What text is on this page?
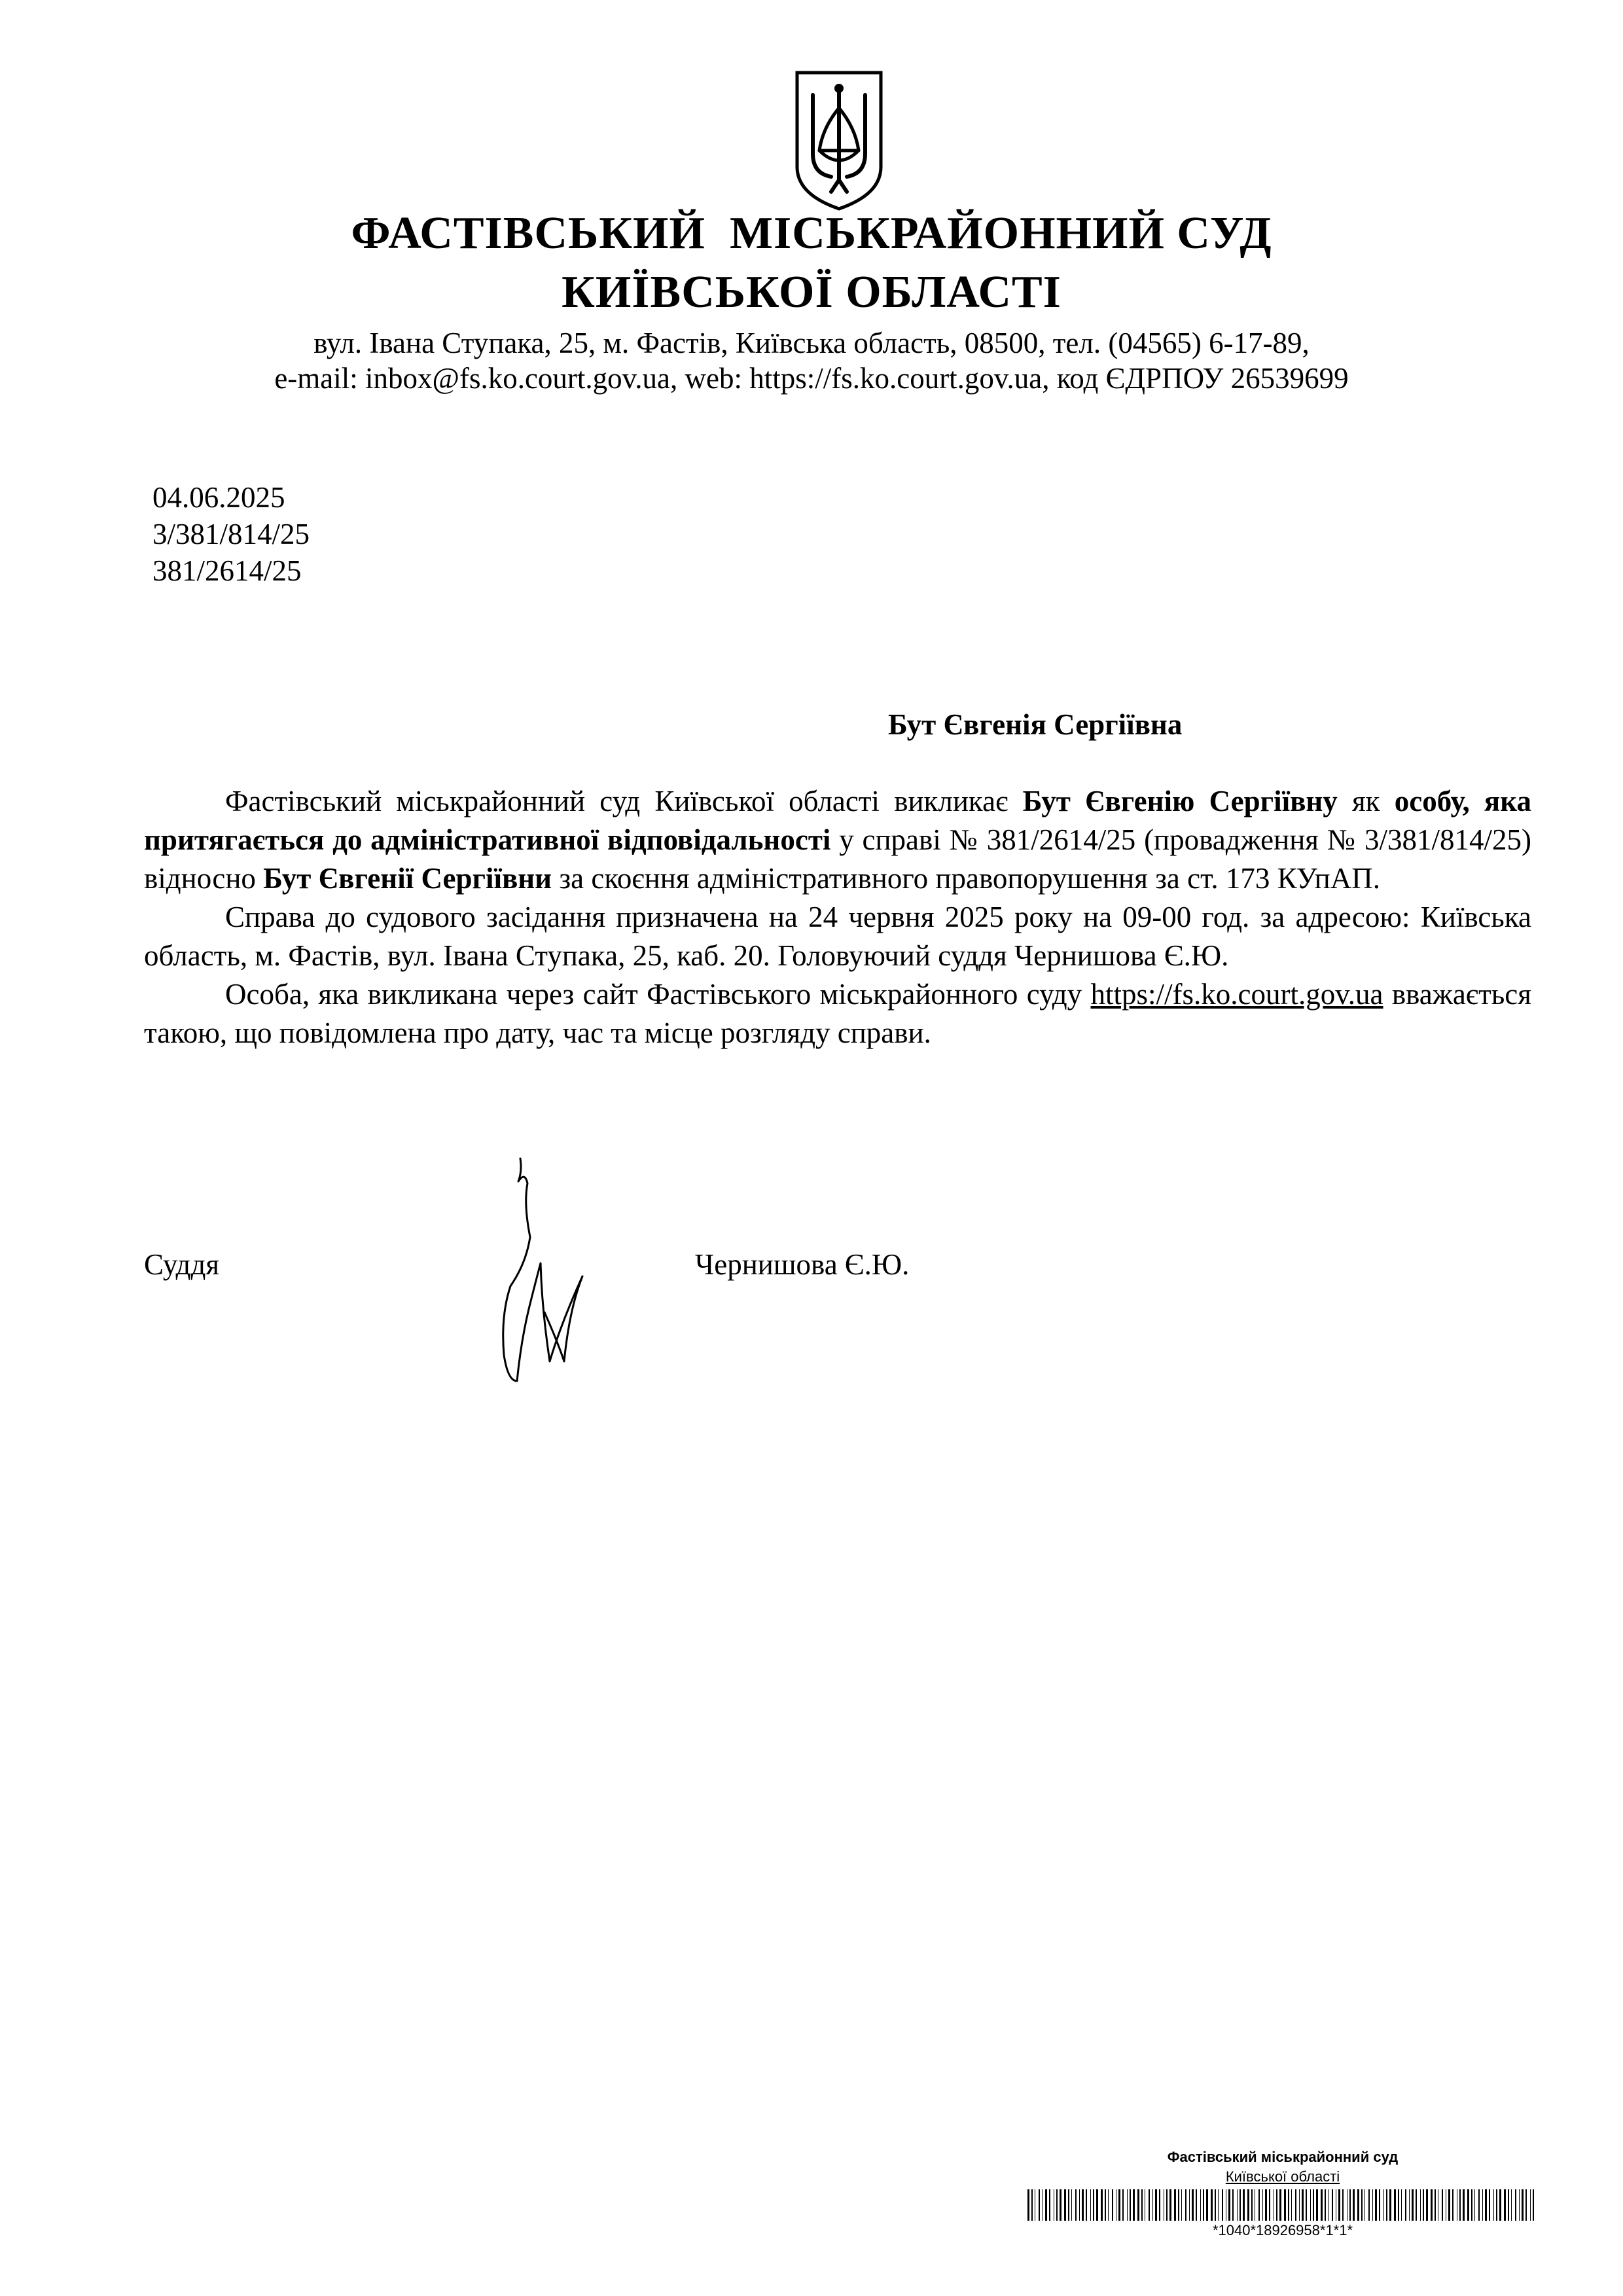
ФАСТІВСЬКИЙ  МІСЬКРАЙОННИЙ СУД
КИЇВСЬКОЇ ОБЛАСТІ
вул. Івана Ступака, 25, м. Фастів, Київська область, 08500, тел. (04565) 6-17-89,
e-mail: inbox@fs.ko.court.gov.ua, web: https://fs.ko.court.gov.ua, код ЄДРПОУ 26539699
04.06.2025
3/381/814/25
381/2614/25
Бут Євгенія Сергіївна

Фастівський міськрайонний суд Київської області викликає Бут Євгенію Сергіївну як особу, яка притягається до адміністративної відповідальності у справі № 381/2614/25 (провадження № 3/381/814/25) відносно Бут Євгенії Сергіївни за скоєння адміністративного правопорушення за ст. 173 КУпАП.

Справа до судового засідання призначена на 24 червня 2025 року на 09-00 год. за адресою: Київська область, м. Фастів, вул. Івана Ступака, 25, каб. 20. Головуючий суддя Чернишова Є.Ю.

Особа, яка викликана через сайт Фастівського міськрайонного суду https://fs.ko.court.gov.ua вважається такою, що повідомлена про дату, час та місце розгляду справи.

Суддя	Чернишова Є.Ю.
Фастівський міськрайонний суд
Київської області
*1040*18926958*1*1*
